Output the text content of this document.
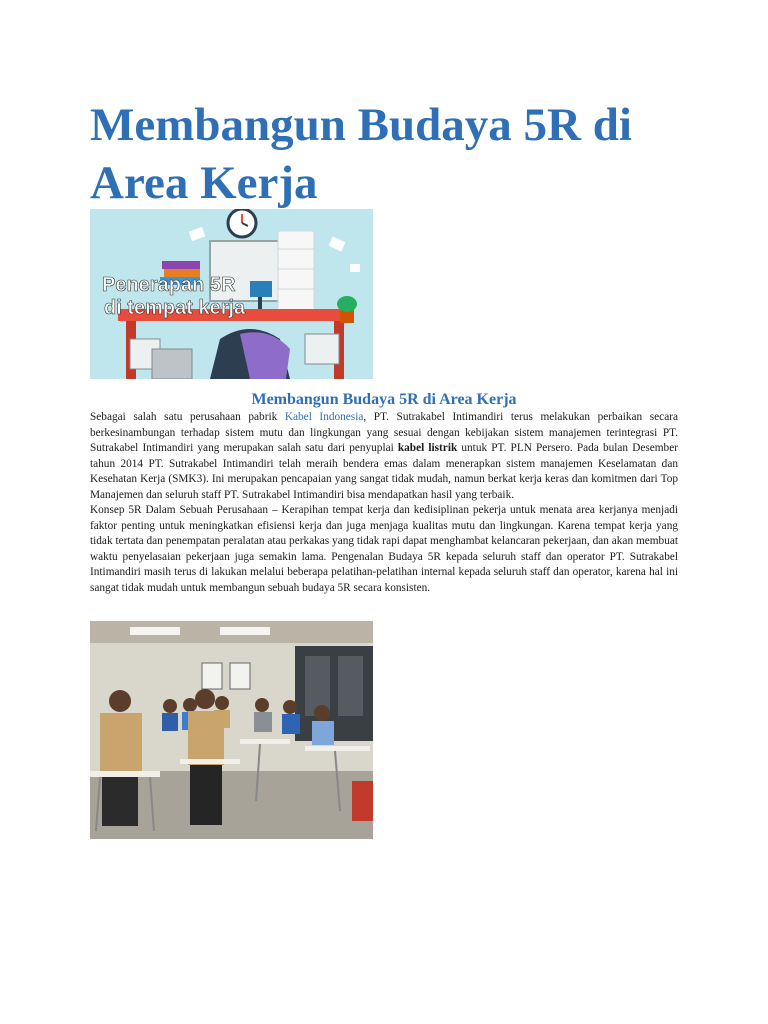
Membangun Budaya 5R di Area Kerja
Penerapan 5R
di tempat kerja
Membangun Budaya 5R di Area Kerja

Sebagai salah satu perusahaan pabrik Kabel Indonesia, PT. Sutrakabel Intimandiri terus melakukan perbaikan secara berkesinambungan terhadap sistem mutu dan lingkungan yang sesuai dengan kebijakan sistem manajemen terintegrasi PT. Sutrakabel Intimandiri yang merupakan salah satu dari penyuplai kabel listrik untuk PT. PLN Persero. Pada bulan Desember tahun 2014 PT. Sutrakabel Intimandiri telah meraih bendera emas dalam menerapkan sistem manajemen Keselamatan dan Kesehatan Kerja (SMK3). Ini merupakan pencapaian yang sangat tidak mudah, namun berkat kerja keras dan komitmen dari Top Manajemen dan seluruh staff PT. Sutrakabel Intimandiri bisa mendapatkan hasil yang terbaik.

Konsep 5R Dalam Sebuah Perusahaan – Kerapihan tempat kerja dan kedisiplinan pekerja untuk menata area kerjanya menjadi faktor penting untuk meningkatkan efisiensi kerja dan juga menjaga kualitas mutu dan lingkungan. Karena tempat kerja yang tidak tertata dan penempatan peralatan atau perkakas yang tidak rapi dapat menghambat kelancaran pekerjaan, dan akan membuat waktu penyelasaian pekerjaan juga semakin lama. Pengenalan Budaya 5R kepada seluruh staff dan operator PT. Sutrakabel Intimandiri masih terus di lakukan melalui beberapa pelatihan-pelatihan internal kepada seluruh staff dan operator, karena hal ini sangat tidak mudah untuk membangun sebuah budaya 5R secara konsisten.
